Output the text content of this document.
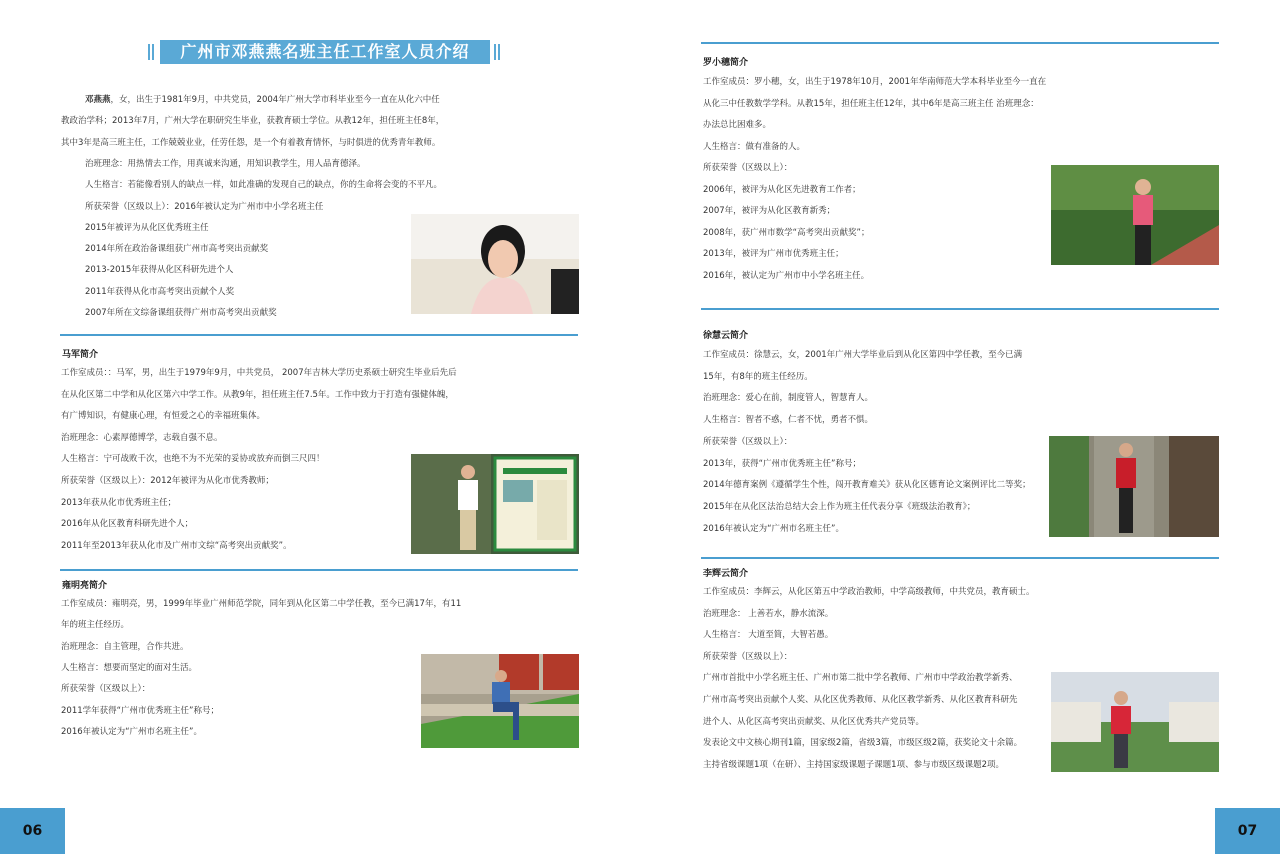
广州市邓燕燕名班主任工作室人员介绍
邓燕燕，女，出生于1981年9月，中共党员，2004年广州大学市科毕业至今一直在从化六中任
教政治学科；2013年7月，广州大学在职研究生毕业，获教育硕士学位。从教12年，担任班主任8年，
其中3年是高三班主任，工作兢兢业业，任劳任怨，是一个有着教育情怀，与时俱进的优秀青年教师。
治班理念：用热情去工作，用真诚来沟通，用知识教学生，用人品育德泽。
人生格言：若能像看别人的缺点一样，如此准确的发现自己的缺点，你的生命将会变的不平凡。
所获荣誉（区级以上）：2016年被认定为广州市中小学名班主任
2015年被评为从化区优秀班主任
2014年所在政治备课组获广州市高考突出贡献奖
2013-2015年获得从化区科研先进个人
2011年获得从化市高考突出贡献个人奖
2007年所在文综备课组获得广州市高考突出贡献奖
马军简介
工作室成员：：马军，男，出生于1979年9月，中共党员， 2007年吉林大学历史系硕士研究生毕业后先后
在从化区第二中学和从化区第六中学工作。从教9年，担任班主任7.5年。工作中致力于打造有强健体魄，
有广博知识，有健康心理，有恒爱之心的幸福班集体。
治班理念：心素厚德博学，志载自强不息。
人生格言：宁可战败千次，也绝不为不光荣的妥协或放弃而倒三尺四！
所获荣誉（区级以上）：2012年被评为从化市优秀教师；
2013年获从化市优秀班主任；
2016年从化区教育科研先进个人；
2011年至2013年获从化市及广州市文综“高考突出贡献奖”。
雍明亮简介
工作室成员：雍明亮，男，1999年毕业广州师范学院，同年到从化区第二中学任教，至今已满17年，有11
年的班主任经历。
治班理念：自主管理，合作共进。
人生格言：想要而坚定的面对生活。
所获荣誉（区级以上）：
2011学年获得“广州市优秀班主任”称号；
2016年被认定为“广州市名班主任”。
06
罗小穗简介
工作室成员：罗小穗，女，出生于1978年10月，2001年华南师范大学本科毕业至今一直在
从化三中任教数学学科。从教15年，担任班主任12年，其中6年是高三班主任 治班理念：
办法总比困难多。
人生格言：做有准备的人。
所获荣誉（区级以上）：
2006年，被评为从化区先进教育工作者；
2007年，被评为从化区教育新秀；
2008年，获广州市数学“高考突出贡献奖”；
2013年，被评为广州市优秀班主任；
2016年，被认定为广州市中小学名班主任。
徐慧云简介
工作室成员：徐慧云，女，2001年广州大学毕业后到从化区第四中学任教，至今已满
15年，有8年的班主任经历。
治班理念：爱心在前，制度管人，智慧育人。
人生格言：智者不惑，仁者不忧，勇者不惧。
所获荣誉（区级以上）：
2013年，获得“广州市优秀班主任”称号；
2014年德育案例《遵循学生个性，闯开教育难关》获从化区德育论文案例评比二等奖；
2015年在从化区法治总结大会上作为班主任代表分享《班级法治教育》；
2016年被认定为“广州市名班主任”。
李辉云简介
工作室成员：李辉云，从化区第五中学政治教师，中学高级教师，中共党员，教育硕士。
治班理念： 上善若水，静水流深。
人生格言： 大道至简，大智若愚。
所获荣誉（区级以上）：
广州市首批中小学名班主任、广州市第二批中学名教师、广州市中学政治教学新秀、
广州市高考突出贡献个人奖、从化区优秀教师、从化区教学新秀、从化区教育科研先
进个人、从化区高考突出贡献奖、从化区优秀共产党员等。
发表论文中文核心期刊1篇，国家级2篇，省级3篇，市级区级2篇，获奖论文十余篇。
主持省级课题1项（在研）、主持国家级课题子课题1项、参与市级区级课题2项。
07
